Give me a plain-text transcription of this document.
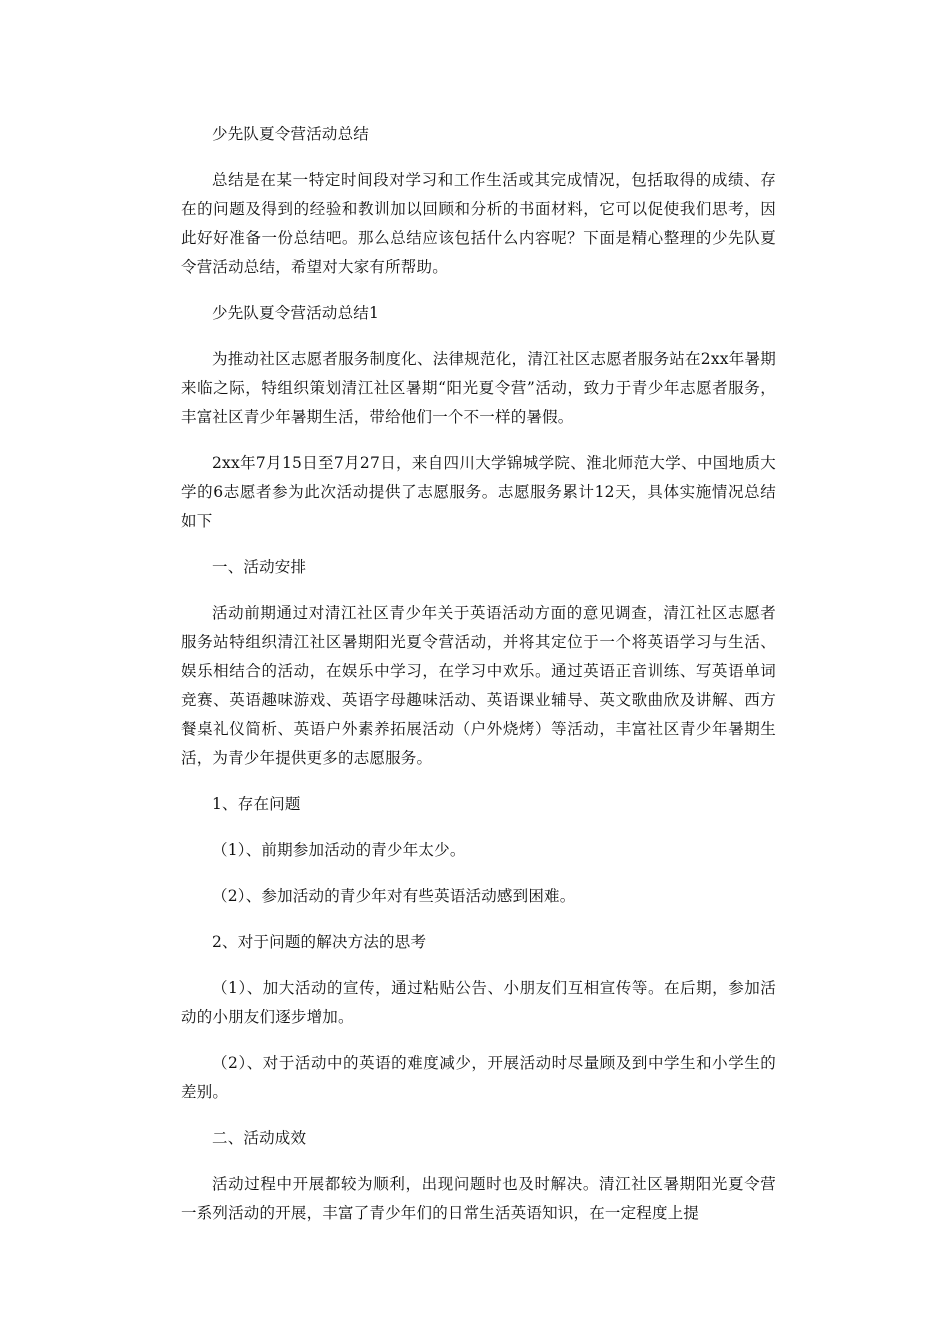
少先队夏令营活动总结

总结是在某一特定时间段对学习和工作生活或其完成情况，包括取得的成绩、存在的问题及得到的经验和教训加以回顾和分析的书面材料，它可以促使我们思考，因此好好准备一份总结吧。那么总结应该包括什么内容呢？下面是精心整理的少先队夏令营活动总结，希望对大家有所帮助。

少先队夏令营活动总结1

为推动社区志愿者服务制度化、法律规范化，清江社区志愿者服务站在2xx年暑期来临之际，特组织策划清江社区暑期“阳光夏令营”活动，致力于青少年志愿者服务，丰富社区青少年暑期生活，带给他们一个不一样的暑假。

2xx年7月15日至7月27日，来自四川大学锦城学院、淮北师范大学、中国地质大学的6志愿者参为此次活动提供了志愿服务。志愿服务累计12天，具体实施情况总结如下

一、活动安排

活动前期通过对清江社区青少年关于英语活动方面的意见调查，清江社区志愿者服务站特组织清江社区暑期阳光夏令营活动，并将其定位于一个将英语学习与生活、娱乐相结合的活动，在娱乐中学习，在学习中欢乐。通过英语正音训练、写英语单词竞赛、英语趣味游戏、英语字母趣味活动、英语课业辅导、英文歌曲欣及讲解、西方餐桌礼仪简析、英语户外素养拓展活动（户外烧烤）等活动，丰富社区青少年暑期生活，为青少年提供更多的志愿服务。

1、存在问题

（1）、前期参加活动的青少年太少。

（2）、参加活动的青少年对有些英语活动感到困难。

2、对于问题的解决方法的思考

（1）、加大活动的宣传，通过粘贴公告、小朋友们互相宣传等。在后期，参加活动的小朋友们逐步增加。

（2）、对于活动中的英语的难度减少，开展活动时尽量顾及到中学生和小学生的差别。

二、活动成效

活动过程中开展都较为顺利，出现问题时也及时解决。清江社区暑期阳光夏令营一系列活动的开展，丰富了青少年们的日常生活英语知识，在一定程度上提
